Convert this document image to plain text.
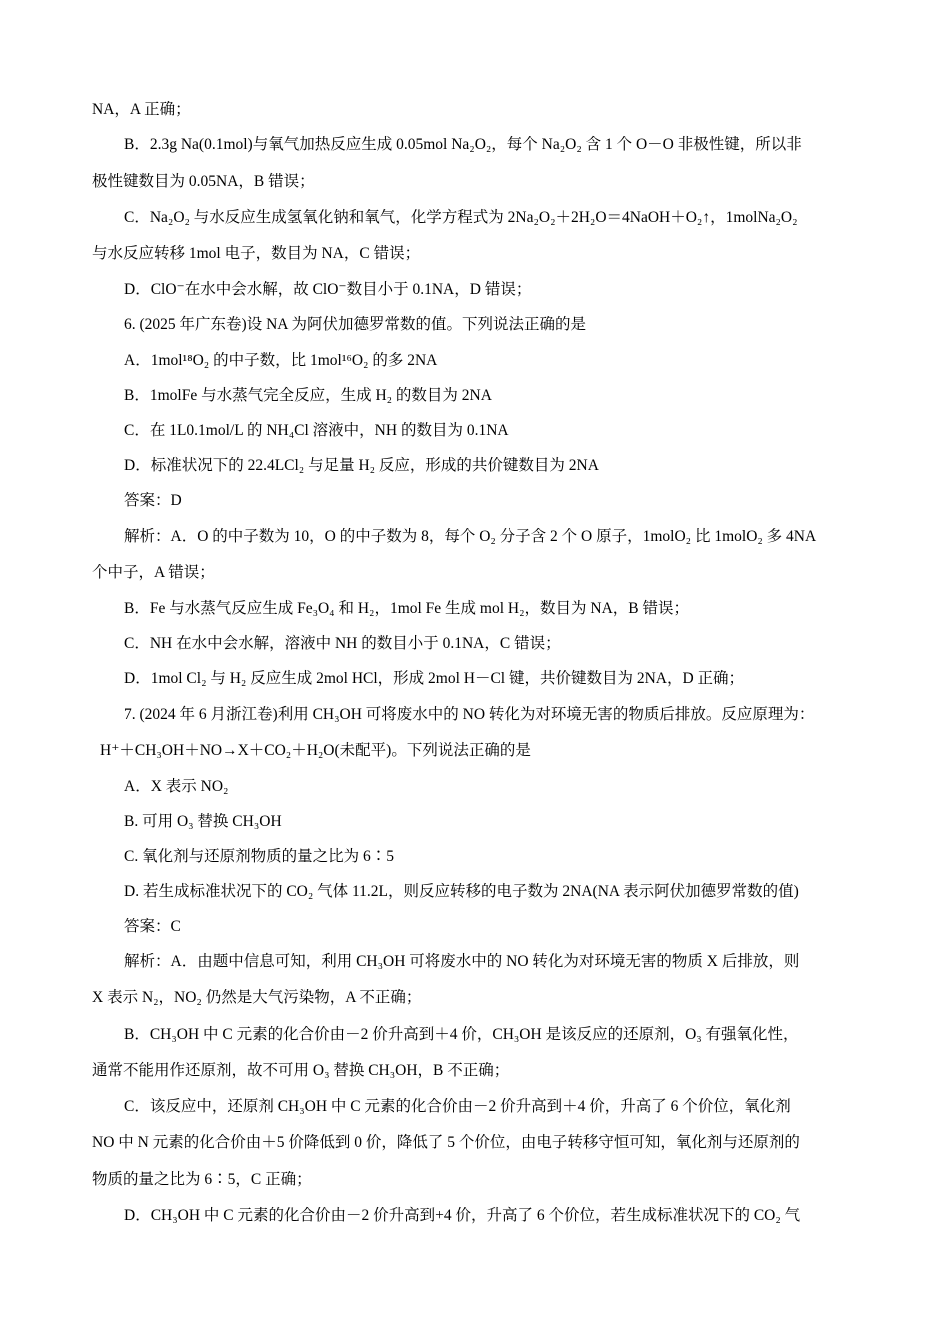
NA，A 正确；
B．2.3g Na(0.1mol)与氧气加热反应生成 0.05mol Na₂O₂，每个 Na₂O₂ 含 1 个 O－O 非极性键，所以非
极性键数目为 0.05NA，B 错误；
C．Na₂O₂ 与水反应生成氢氧化钠和氧气，化学方程式为 2Na₂O₂＋2H₂O＝4NaOH＋O₂↑，1molNa₂O₂
与水反应转移 1mol 电子，数目为 NA，C 错误；
D．ClO⁻在水中会水解，故 ClO⁻数目小于 0.1NA，D 错误；
6. (2025 年广东卷)设 NA 为阿伏加德罗常数的值。下列说法正确的是
A．1mol¹⁸O₂ 的中子数，比 1mol¹⁶O₂ 的多 2NA
B．1molFe 与水蒸气完全反应，生成 H₂ 的数目为 2NA
C．在 1L0.1mol/L 的 NH₄Cl 溶液中，NH 的数目为 0.1NA
D．标准状况下的 22.4LCl₂ 与足量 H₂ 反应，形成的共价键数目为 2NA
答案：D
解析：A．O 的中子数为 10，O 的中子数为 8，每个 O₂ 分子含 2 个 O 原子，1molO₂ 比 1molO₂ 多 4NA
个中子，A 错误；
B．Fe 与水蒸气反应生成 Fe₃O₄ 和 H₂，1mol Fe 生成 mol H₂，数目为 NA，B 错误；
C．NH 在水中会水解，溶液中 NH 的数目小于 0.1NA，C 错误；
D．1mol Cl₂ 与 H₂ 反应生成 2mol HCl，形成 2mol H－Cl 键，共价键数目为 2NA，D 正确；
7. (2024 年 6 月浙江卷)利用 CH₃OH 可将废水中的 NO 转化为对环境无害的物质后排放。反应原理为：
H⁺＋CH₃OH＋NO→X＋CO₂＋H₂O(未配平)。下列说法正确的是
A．X 表示 NO₂
B. 可用 O₃ 替换 CH₃OH
C. 氧化剂与还原剂物质的量之比为 6∶5
D. 若生成标准状况下的 CO₂ 气体 11.2L，则反应转移的电子数为 2NA(NA 表示阿伏加德罗常数的值)
答案：C
解析：A．由题中信息可知，利用 CH₃OH 可将废水中的 NO 转化为对环境无害的物质 X 后排放，则
X 表示 N₂，NO₂ 仍然是大气污染物，A 不正确；
B．CH₃OH 中 C 元素的化合价由－2 价升高到＋4 价，CH₃OH 是该反应的还原剂，O₃ 有强氧化性，
通常不能用作还原剂，故不可用 O₃ 替换 CH₃OH，B 不正确；
C．该反应中，还原剂 CH₃OH 中 C 元素的化合价由－2 价升高到＋4 价，升高了 6 个价位，氧化剂
NO 中 N 元素的化合价由＋5 价降低到 0 价，降低了 5 个价位，由电子转移守恒可知，氧化剂与还原剂的
物质的量之比为 6∶5，C 正确；
D．CH₃OH 中 C 元素的化合价由－2 价升高到+4 价，升高了 6 个价位，若生成标准状况下的 CO₂ 气
